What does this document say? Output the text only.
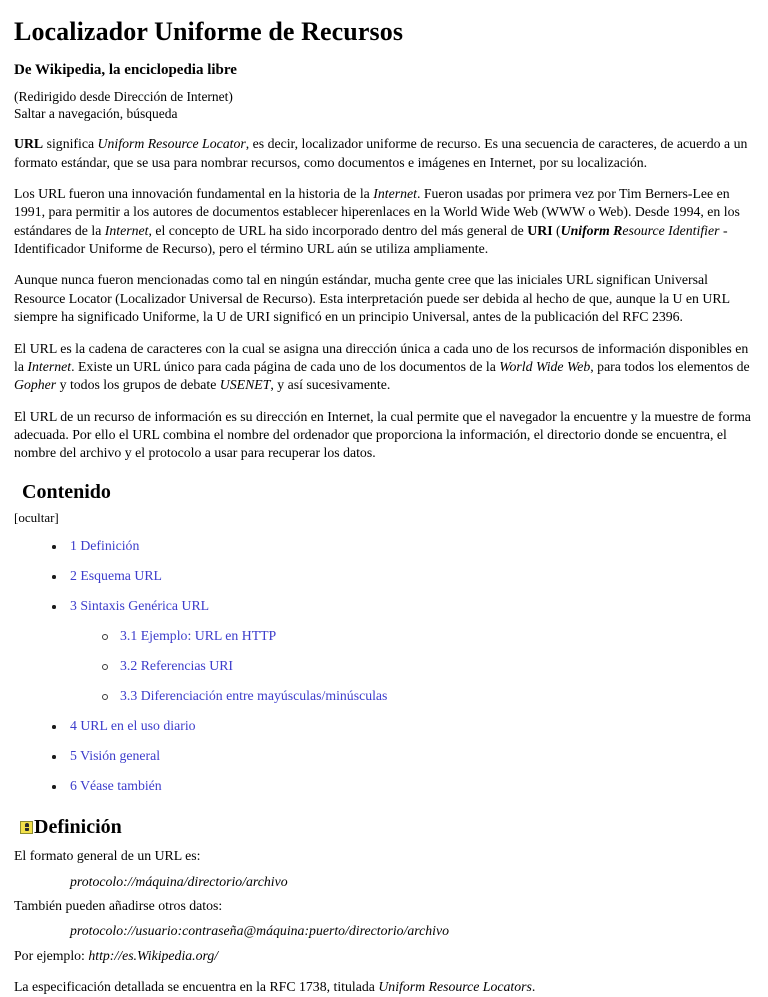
Localizador Uniforme de Recursos
De Wikipedia, la enciclopedia libre
(Redirigido desde Dirección de Internet)
Saltar a navegación, búsqueda

URL significa Uniform Resource Locator, es decir, localizador uniforme de recurso. Es una secuencia de caracteres, de acuerdo a un formato estándar, que se usa para nombrar recursos, como documentos e imágenes en Internet, por su localización.

Los URL fueron una innovación fundamental en la historia de la Internet. Fueron usadas por primera vez por Tim Berners-Lee en 1991, para permitir a los autores de documentos establecer hiperenlaces en la World Wide Web (WWW o Web). Desde 1994, en los estándares de la Internet, el concepto de URL ha sido incorporado dentro del más general de URI (Uniform Resource Identifier - Identificador Uniforme de Recurso), pero el término URL aún se utiliza ampliamente.

Aunque nunca fueron mencionadas como tal en ningún estándar, mucha gente cree que las iniciales URL significan Universal Resource Locator (Localizador Universal de Recurso). Esta interpretación puede ser debida al hecho de que, aunque la U en URL siempre ha significado Uniforme, la U de URI significó en un principio Universal, antes de la publicación del RFC 2396.

El URL es la cadena de caracteres con la cual se asigna una dirección única a cada uno de los recursos de información disponibles en la Internet. Existe un URL único para cada página de cada uno de los documentos de la World Wide Web, para todos los elementos de Gopher y todos los grupos de debate USENET, y así sucesivamente.

El URL de un recurso de información es su dirección en Internet, la cual permite que el navegador la encuentre y la muestre de forma adecuada. Por ello el URL combina el nombre del ordenador que proporciona la información, el directorio donde se encuentra, el nombre del archivo y el protocolo a usar para recuperar los datos.

Contenido
[ocultar]
1 Definición
2 Esquema URL
3 Sintaxis Genérica URL
3.1 Ejemplo: URL en HTTP
3.2 Referencias URI
3.3 Diferenciación entre mayúsculas/minúsculas
4 URL en el uso diario
5 Visión general
6 Véase también
Definición

El formato general de un URL es:

protocolo://máquina/directorio/archivo

También pueden añadirse otros datos:

protocolo://usuario:contraseña@máquina:puerto/directorio/archivo

Por ejemplo: http://es.Wikipedia.org/

La especificación detallada se encuentra en la RFC 1738, titulada Uniform Resource Locators.
